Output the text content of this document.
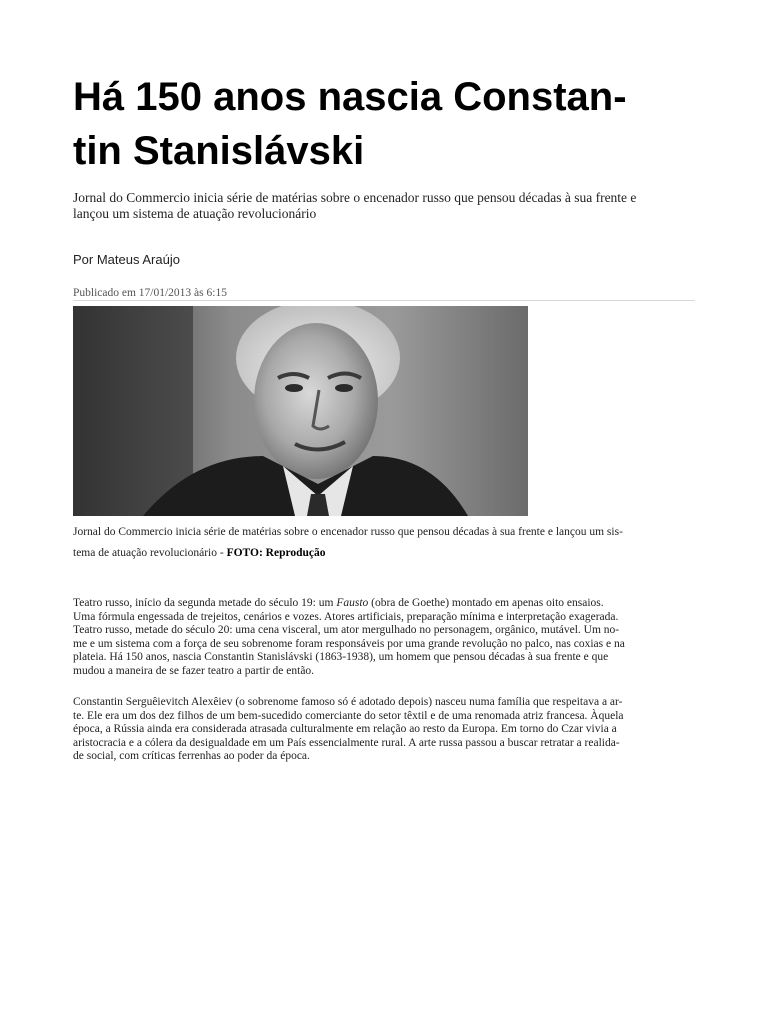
Há 150 anos nascia Constan-
tin Stanislávski

Jornal do Commercio inicia série de matérias sobre o encenador russo que pensou décadas à sua frente e
lançou um sistema de atuação revolucionário

Por Mateus Araújo

Publicado em 17/01/2013 às 6:15

Jornal do Commercio inicia série de matérias sobre o encenador russo que pensou décadas à sua frente e lançou um sis-
tema de atuação revolucionário - FOTO: Reprodução

Teatro russo, início da segunda metade do século 19: um Fausto (obra de Goethe) montado em apenas oito ensaios.
Uma fórmula engessada de trejeitos, cenários e vozes. Atores artificiais, preparação mínima e interpretação exagerada.
Teatro russo, metade do século 20: uma cena visceral, um ator mergulhado no personagem, orgânico, mutável. Um no-
me e um sistema com a força de seu sobrenome foram responsáveis por uma grande revolução no palco, nas coxias e na
plateia. Há 150 anos, nascia Constantin Stanislávski (1863-1938), um homem que pensou décadas à sua frente e que
mudou a maneira de se fazer teatro a partir de então.

Constantin Serguêievitch Alexêiev (o sobrenome famoso só é adotado depois) nasceu numa família que respeitava a ar-
te. Ele era um dos dez filhos de um bem-sucedido comerciante do setor têxtil e de uma renomada atriz francesa. Àquela
época, a Rússia ainda era considerada atrasada culturalmente em relação ao resto da Europa. Em torno do Czar vivia a
aristocracia e a cólera da desigualdade em um País essencialmente rural. A arte russa passou a buscar retratar a realida-
de social, com críticas ferrenhas ao poder da época.
